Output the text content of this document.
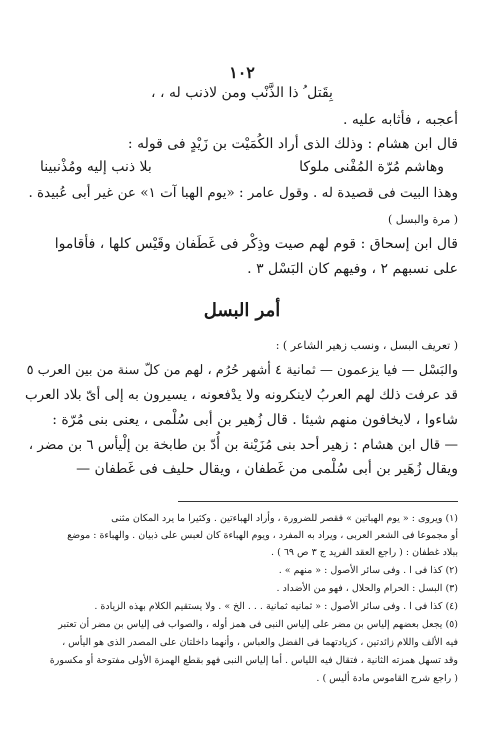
١٠٢
بِقَتل ُ ذا الذَّنْب ومن لاذنب له ، ،
أعجبه ، فأثابه عليه .
قال ابن هشام : وذلك الذى أراد الكُمَيْت بن زَيْدٍ فى قوله :
وهاشم مُرّة المُفْنى ملوكا
بلا ذنب إليه ومُذْنبينا
وهذا البيت فى قصيدة له . وقول عامر : «يوم الهبا آت ١» عن غير أبى عُبيدة .
( مرة والبسل )
قال ابن إسحاق : قوم لهم صيت وذِكْر فى غَطَفان وقَيْس كلها ، فأقاموا
على نسبهم ٢ ، وفيهم كان البَسْل ٣ .
أمر البسل
( تعريف البسل ، ونسب زهير الشاعر ) :
والبَسْل — فيا يزعمون — ثمانية ٤ أشهر حُرُم ، لهم من كلّ سنة من بين العرب ٥
قد عرفت ذلك لهم العربُ لاينكرونه ولا يدْفعونه ، يسيرون به إلى أىّ بلاد العرب
شاءوا ، لايخافون منهم شيئا . قال زُهير بن أبى سُلْمى ، يعنى بنى مُرّة :
— قال ابن هشام : زهير أحد بنى مُزَيْنة بن أُدّ بن طابخة بن إلْيأس ٦ بن مضر ،
ويقال زُهَير بن أبى سُلْمى من غَطفان ، ويقال حليف فى غَطفان —
(١) ويروى : « يوم الهباتين » فقصر للضرورة ، وأراد الهباءتين . وكثيرا ما يرد المكان مثنى
أو مجموعا فى الشعر العربى ، ويراد به المفرد ، ويوم الهباءة كان لعبس على ذبيان . والهباءة : موضع
ببلاد غطفان : ( راجع العقد الفريد ج ٣ ص ٦٩ ) .
(٢) كذا فى ا . وفى سائر الأصول : « منهم » .
(٣) البسل : الحرام والحلال ، فهو من الأضداد .
(٤) كذا فى ا . وفى سائر الأصول : « ثمانيه ثمانية . . . الخ » . ولا يستقيم الكلام بهذه الزيادة .
(٥) يجعل بعضهم إلياس بن مضر على إلياس النبى فى همز أوله ، والصواب فى إلياس بن مضر أن تعتبر
فيه الألف واللام زائدتين ، كزيادتهما فى الفضل والعباس ، وأنهما داخلتان على المصدر الذى هو اليأس ،
وقد تسهل همزته الثانية ، فتقال فيه اللياس . أما إلياس النبى فهو بقطع الهمزة الأولى مفتوحة أو مكسورة
( راجع شرح القاموس مادة أليس ) .
